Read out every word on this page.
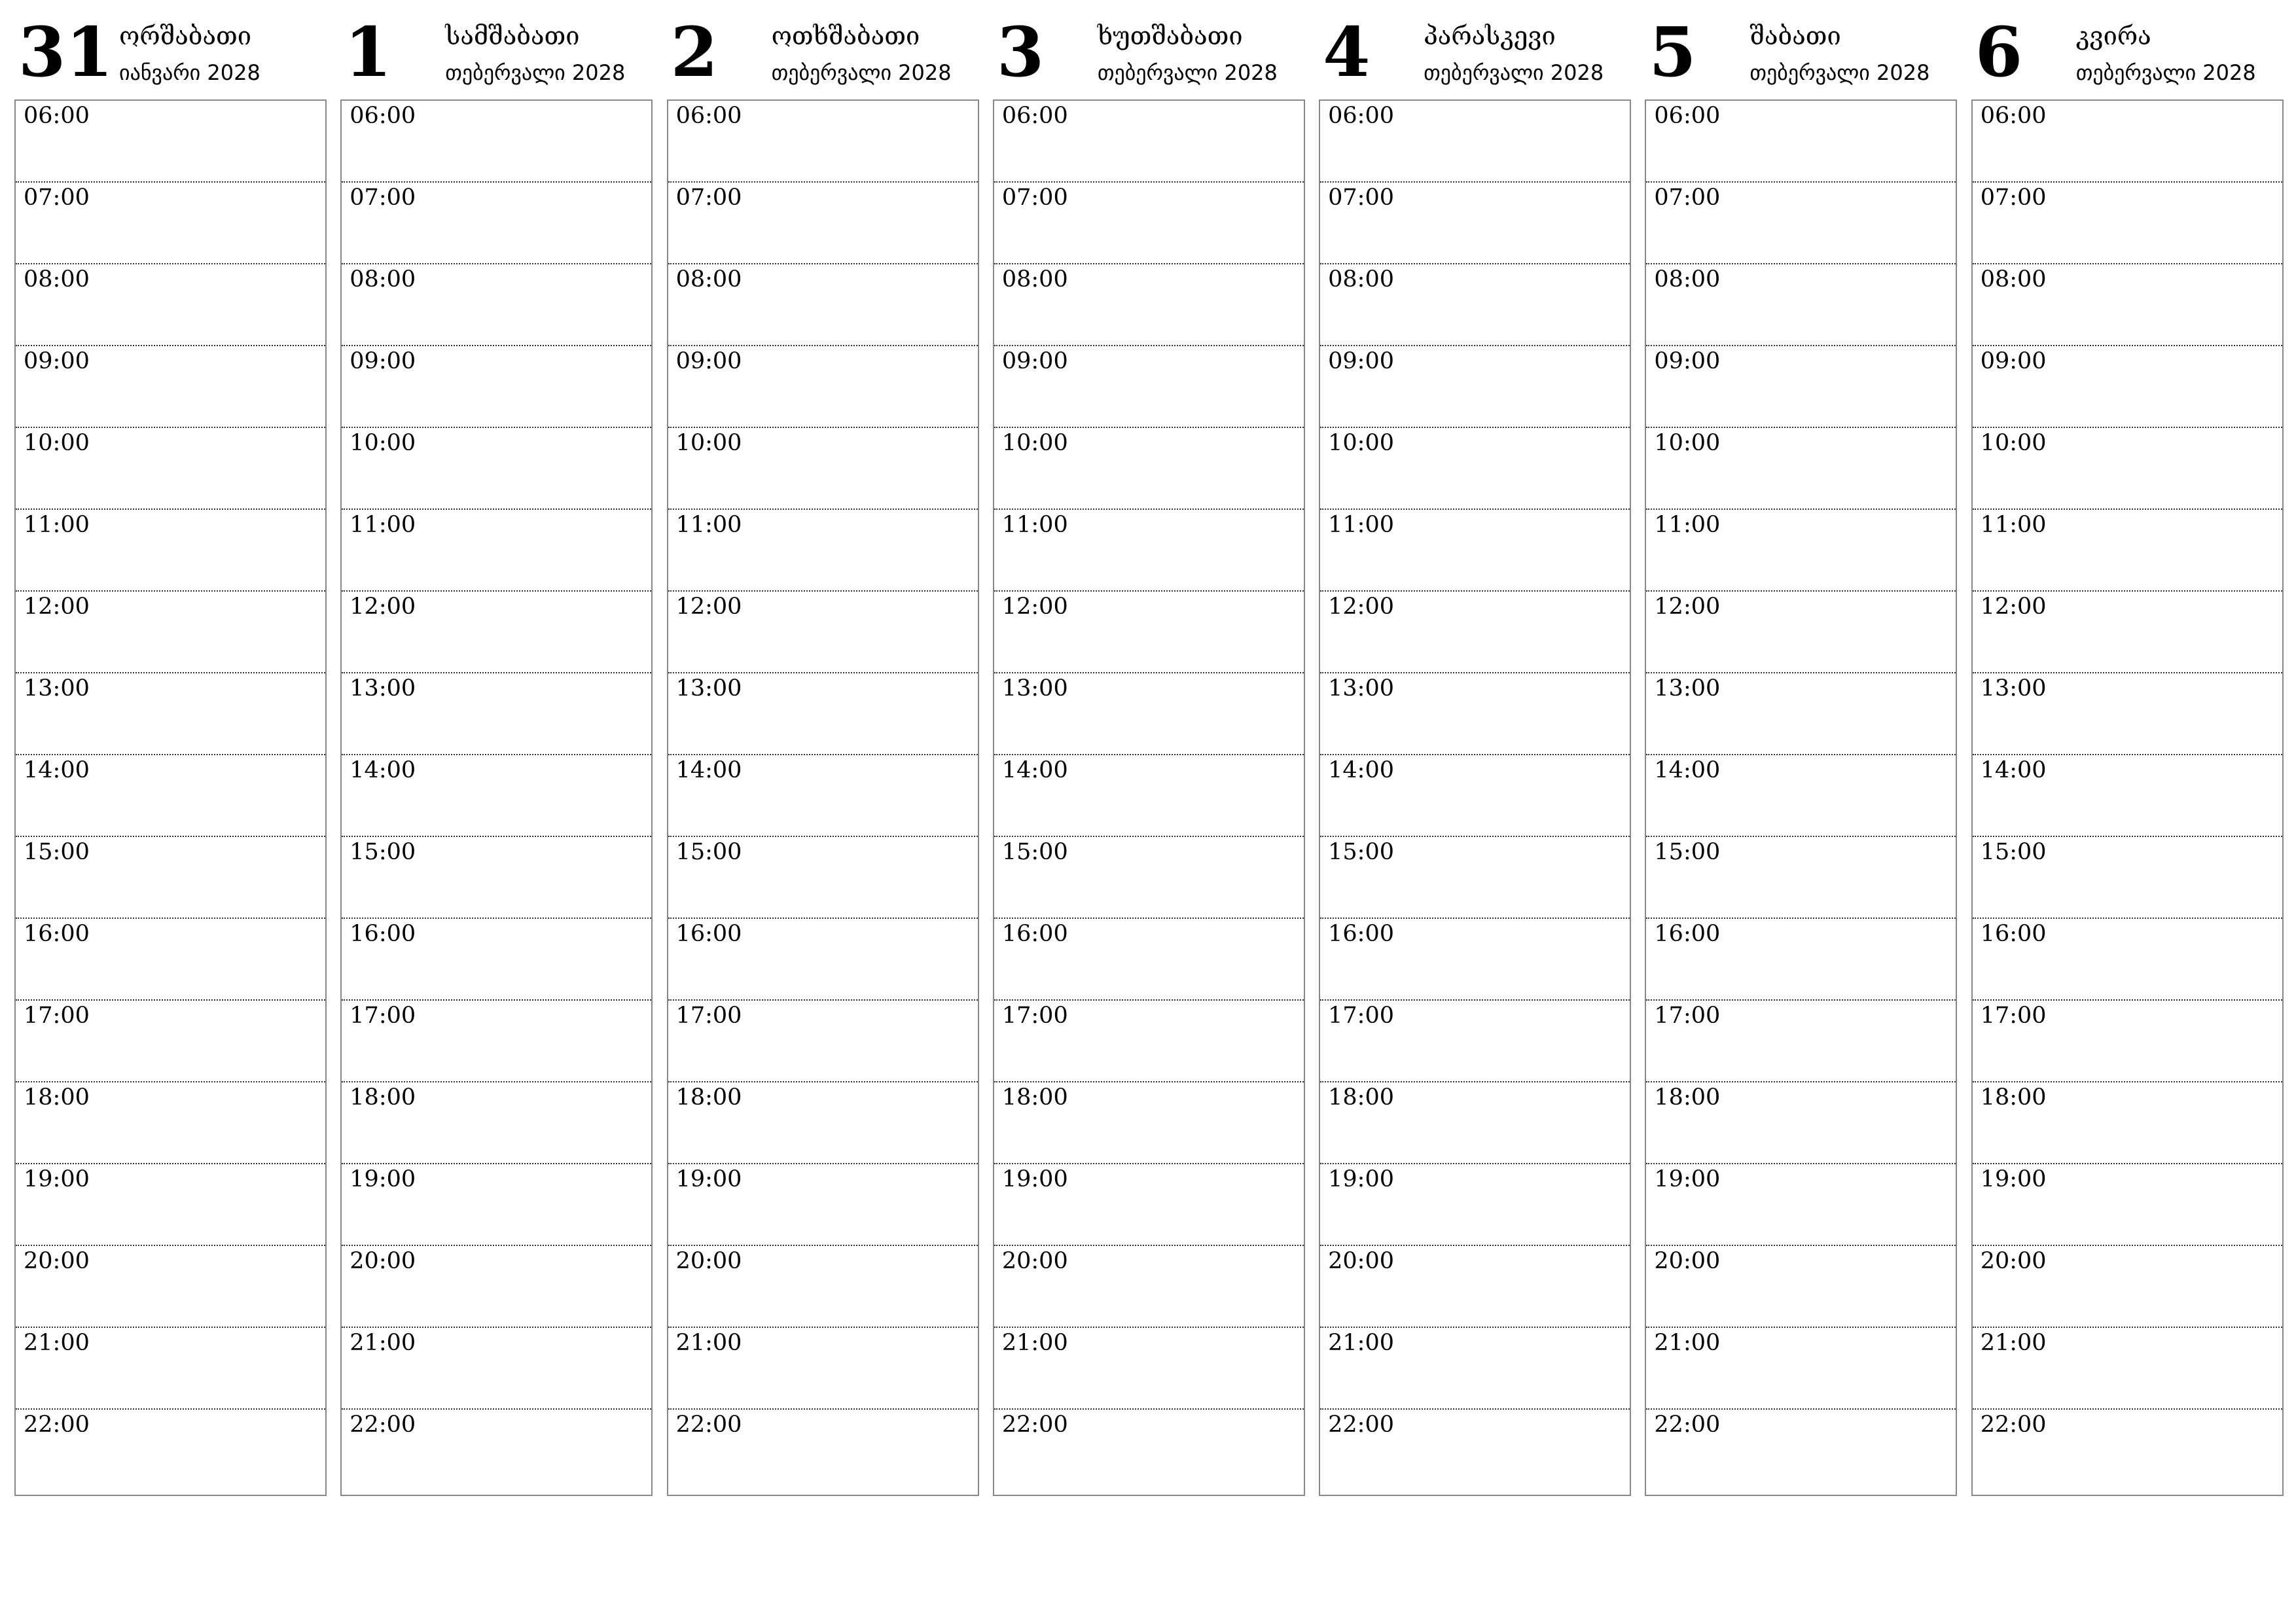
31 ორშაბათი
იანვარი 2028
06:00
07:00
08:00
09:00
10:00
11:00
12:00
13:00
14:00
15:00
16:00
17:00
18:00
19:00
20:00
21:00
22:00
1 სამშაბათი
თებერვალი 2028
06:00
07:00
08:00
09:00
10:00
11:00
12:00
13:00
14:00
15:00
16:00
17:00
18:00
19:00
20:00
21:00
22:00
2 ოთხშაბათი
თებერვალი 2028
06:00
07:00
08:00
09:00
10:00
11:00
12:00
13:00
14:00
15:00
16:00
17:00
18:00
19:00
20:00
21:00
22:00
3 ხუთშაბათი
თებერვალი 2028
06:00
07:00
08:00
09:00
10:00
11:00
12:00
13:00
14:00
15:00
16:00
17:00
18:00
19:00
20:00
21:00
22:00
4 პარასკევი
თებერვალი 2028
06:00
07:00
08:00
09:00
10:00
11:00
12:00
13:00
14:00
15:00
16:00
17:00
18:00
19:00
20:00
21:00
22:00
5 შაბათი
თებერვალი 2028
06:00
07:00
08:00
09:00
10:00
11:00
12:00
13:00
14:00
15:00
16:00
17:00
18:00
19:00
20:00
21:00
22:00
6 კვირა
თებერვალი 2028
06:00
07:00
08:00
09:00
10:00
11:00
12:00
13:00
14:00
15:00
16:00
17:00
18:00
19:00
20:00
21:00
22:00
